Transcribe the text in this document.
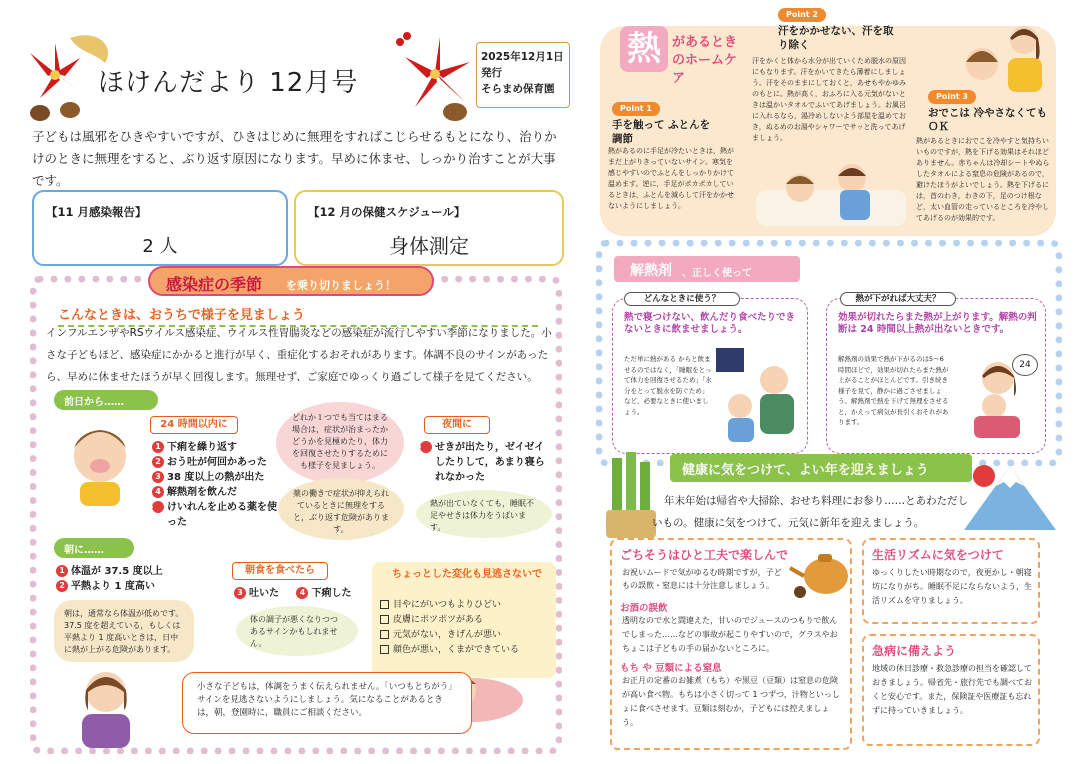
ほけんだより 12月号
2025年12月1日
発行
そらまめ保育園
子どもは風邪をひきやすいですが、ひきはじめに無理をすればこじらせるもとになり、治りかけのときに無理をすると、ぶり返す原因になります。早めに休ませ、しっかり治すことが大事です。
【11 月感染報告】
2 人
【12 月の保健スケジュール】
身体測定
感染症の季節 を乗り切りましょう！
こんなときは、おうちで様子を見ましょう
インフルエンザやRSウイルス感染症、ウイルス性胃腸炎などの感染症が流行しやすい季節になりました。小さな子どもほど、感染症にかかると進行が早く、重症化するおそれがあります。体調不良のサインがあったら、早めに休ませたほうが早く回復します。無理せず、ご家庭でゆっくり過ごして様子を見てください。
前日から……
24 時間以内に
1 下痢を繰り返す
2 おう吐が何回かあった
3 38 度以上の熱が出た
4 解熱剤を飲んだ
5 けいれんを止める薬を使った
どれか１つでも当てはまる場合は，症状が治まったかどうかを見極めたり，体力を回復させたりするためにも様子を見ましょう。
薬の働きで症状が抑えられているときに無理をすると，ぶり返す危険があります。
夜間に
6 せきが出たり，ゼイゼイしたりして，あまり寝られなかった
熱が出ていなくても，睡眠不足やせきは体力をうばいます。
朝に……
1 体温が 37.5 度以上
2 平熱より 1 度高い
朝は，通常なら体温が低めです。37.5 度を超えている，もしくは平熱より 1 度高いときは，日中に熱が上がる危険があります。
朝食を食べたら
3 吐いた	4 下痢した
体の調子が悪くなりつつあるサインかもしれません。
ちょっとした変化も見逃さないで
目やにがいつもよりひどい
皮膚にポツポツがある
元気がない，きげんが悪い
顔色が悪い，くまができている
小さな子どもは，体調をうまく伝えられません。「いつもとちがう」サインを見逃さないようにしましょう。気になることがあるときは，朝，登園時に，職員にご相談ください。
熱 があるときのホームケア
Point 1
手を触って ふとんを調節
熱があるのに手足が冷たいときは，熱がまだ上がりきっていないサイン。寒気を感じやすいのでふとんをしっかりかけて温めます。逆に，手足がポカポカしているときは，ふとんを減らして汗をかかせないようにしましょう。
Point 2
汗をかかせない、汗を取り除く
汗をかくと体から水分が出ていくため脱水の原因にもなります。汗をかいてきたら薄着にしましょう。汗をそのままにしておくと，あせもやかゆみのもとに。熱が高く，おふろに入る元気がないときは温かいタオルでふいてあげましょう。お風呂に入れるなら，湯冷めしないよう部屋を温めておき，ぬるめのお湯やシャワーでサッと洗ってあげましょう。
Point 3
おでこは 冷やさなくてもＯＫ
熱があるときにおでこを冷やすと気持ちいいものですが，熱を下げる効果はそれほどありません。赤ちゃんは冷却シートやぬらしたタオルによる窒息の危険があるので，避けたほうがよいでしょう。熱を下げるには，首のわき，わきの下，足のつけ根など，太い血管の走っているところを冷やしてあげるのが効果的です。
解熱剤 、正しく使って
どんなときに使う？
熱で寝つけない、飲んだり食べたりできないときに飲ませましょう。
ただ単に熱がある からと飲ませるのではなく，「睡眠をとって体力を回復させるため」「水分をとって脱水を防ぐため」など，必要なときに使いましょう。
熱が下がれば大丈夫？
効果が切れたらまた熱が上がります。解熱の判断は 24 時間以上熱が出ないときです。
解熱剤の効果で熱が下がるのは5～6 時間ほどで，効果が切れたらまた熱が上がることがほとんどです。引き続き様子を見て，静かに過ごさせましょう。解熱剤で熱を下げて無理をさせると，かえって病気が長引くおそれがあります。
24
健康に気をつけて、よい年を迎えましょう
年末年始は帰省や大掃除、おせち料理にお参り……とあわただしいもの。健康に気をつけて、元気に新年を迎えましょう。
ごちそうはひと工夫で楽しんで
お祝いムードで気がゆるむ時期ですが，子どもの誤飲・窒息には十分注意しましょう。
お酒の誤飲
透明なので水と間違えた，甘いのでジュースのつもりで飲んでしまった……などの事故が起こりやすいので，グラスやおちょこは子どもの手の届かないところに。
もち や 豆類による窒息
お正月の定番のお雑煮（もち）や黒豆（豆類）は窒息の危険が高い食べ物。もちは小さく切って 1 つずつ，汁物といっしょに食べさせます。豆類は刻むか，子どもには控えましょう。
生活リズムに気をつけて
ゆっくりしたい時期なので，夜更かし・朝寝坊になりがち。睡眠不足にならないよう，生活リズムを守りましょう。
急病に備えよう
地域の休日診療・救急診療の担当を確認しておきましょう。帰省先・旅行先でも調べておくと安心です。また，保険証や医療証も忘れずに持っていきましょう。
